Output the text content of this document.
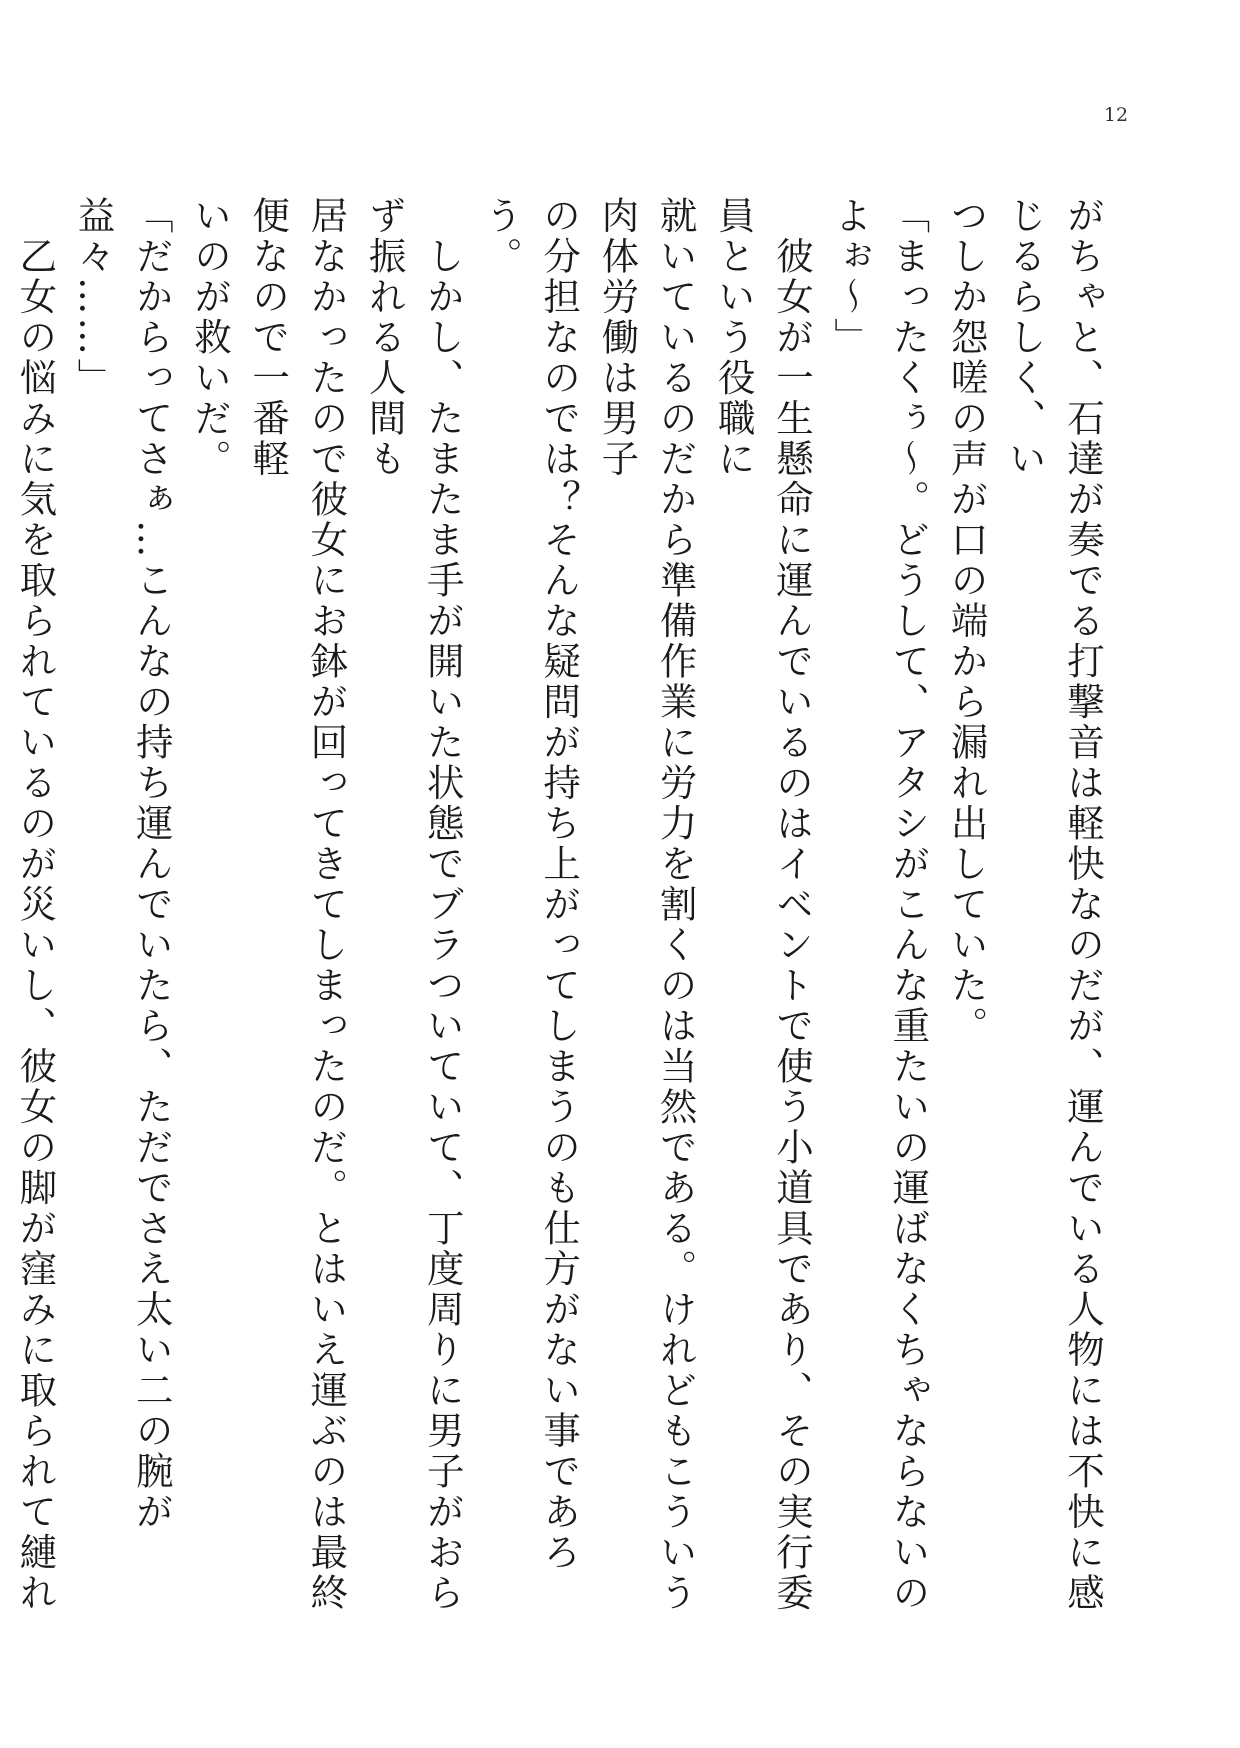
12
がちゃと、石達が奏でる打撃音は軽快なのだが、運んでいる人物には不快に感じるらしく、い
つしか怨嗟の声が口の端から漏れ出していた。
「まったくぅ〜。どうして、アタシがこんな重たいの運ばなくちゃならないのよぉ〜」
　彼女が一生懸命に運んでいるのはイベントで使う小道具であり、その実行委員という役職に
就いているのだから準備作業に労力を割くのは当然である。けれどもこういう肉体労働は男子
の分担なのでは？そんな疑問が持ち上がってしまうのも仕方がない事であろう。
　しかし、たまたま手が開いた状態でブラついていて、丁度周りに男子がおらず振れる人間も
居なかったので彼女にお鉢が回ってきてしまったのだ。とはいえ運ぶのは最終便なので一番軽
いのが救いだ。
「だからってさぁ…こんなの持ち運んでいたら、ただでさえ太い二の腕が益々……」
　乙女の悩みに気を取られているのが災いし、彼女の脚が窪みに取られて縺れ
